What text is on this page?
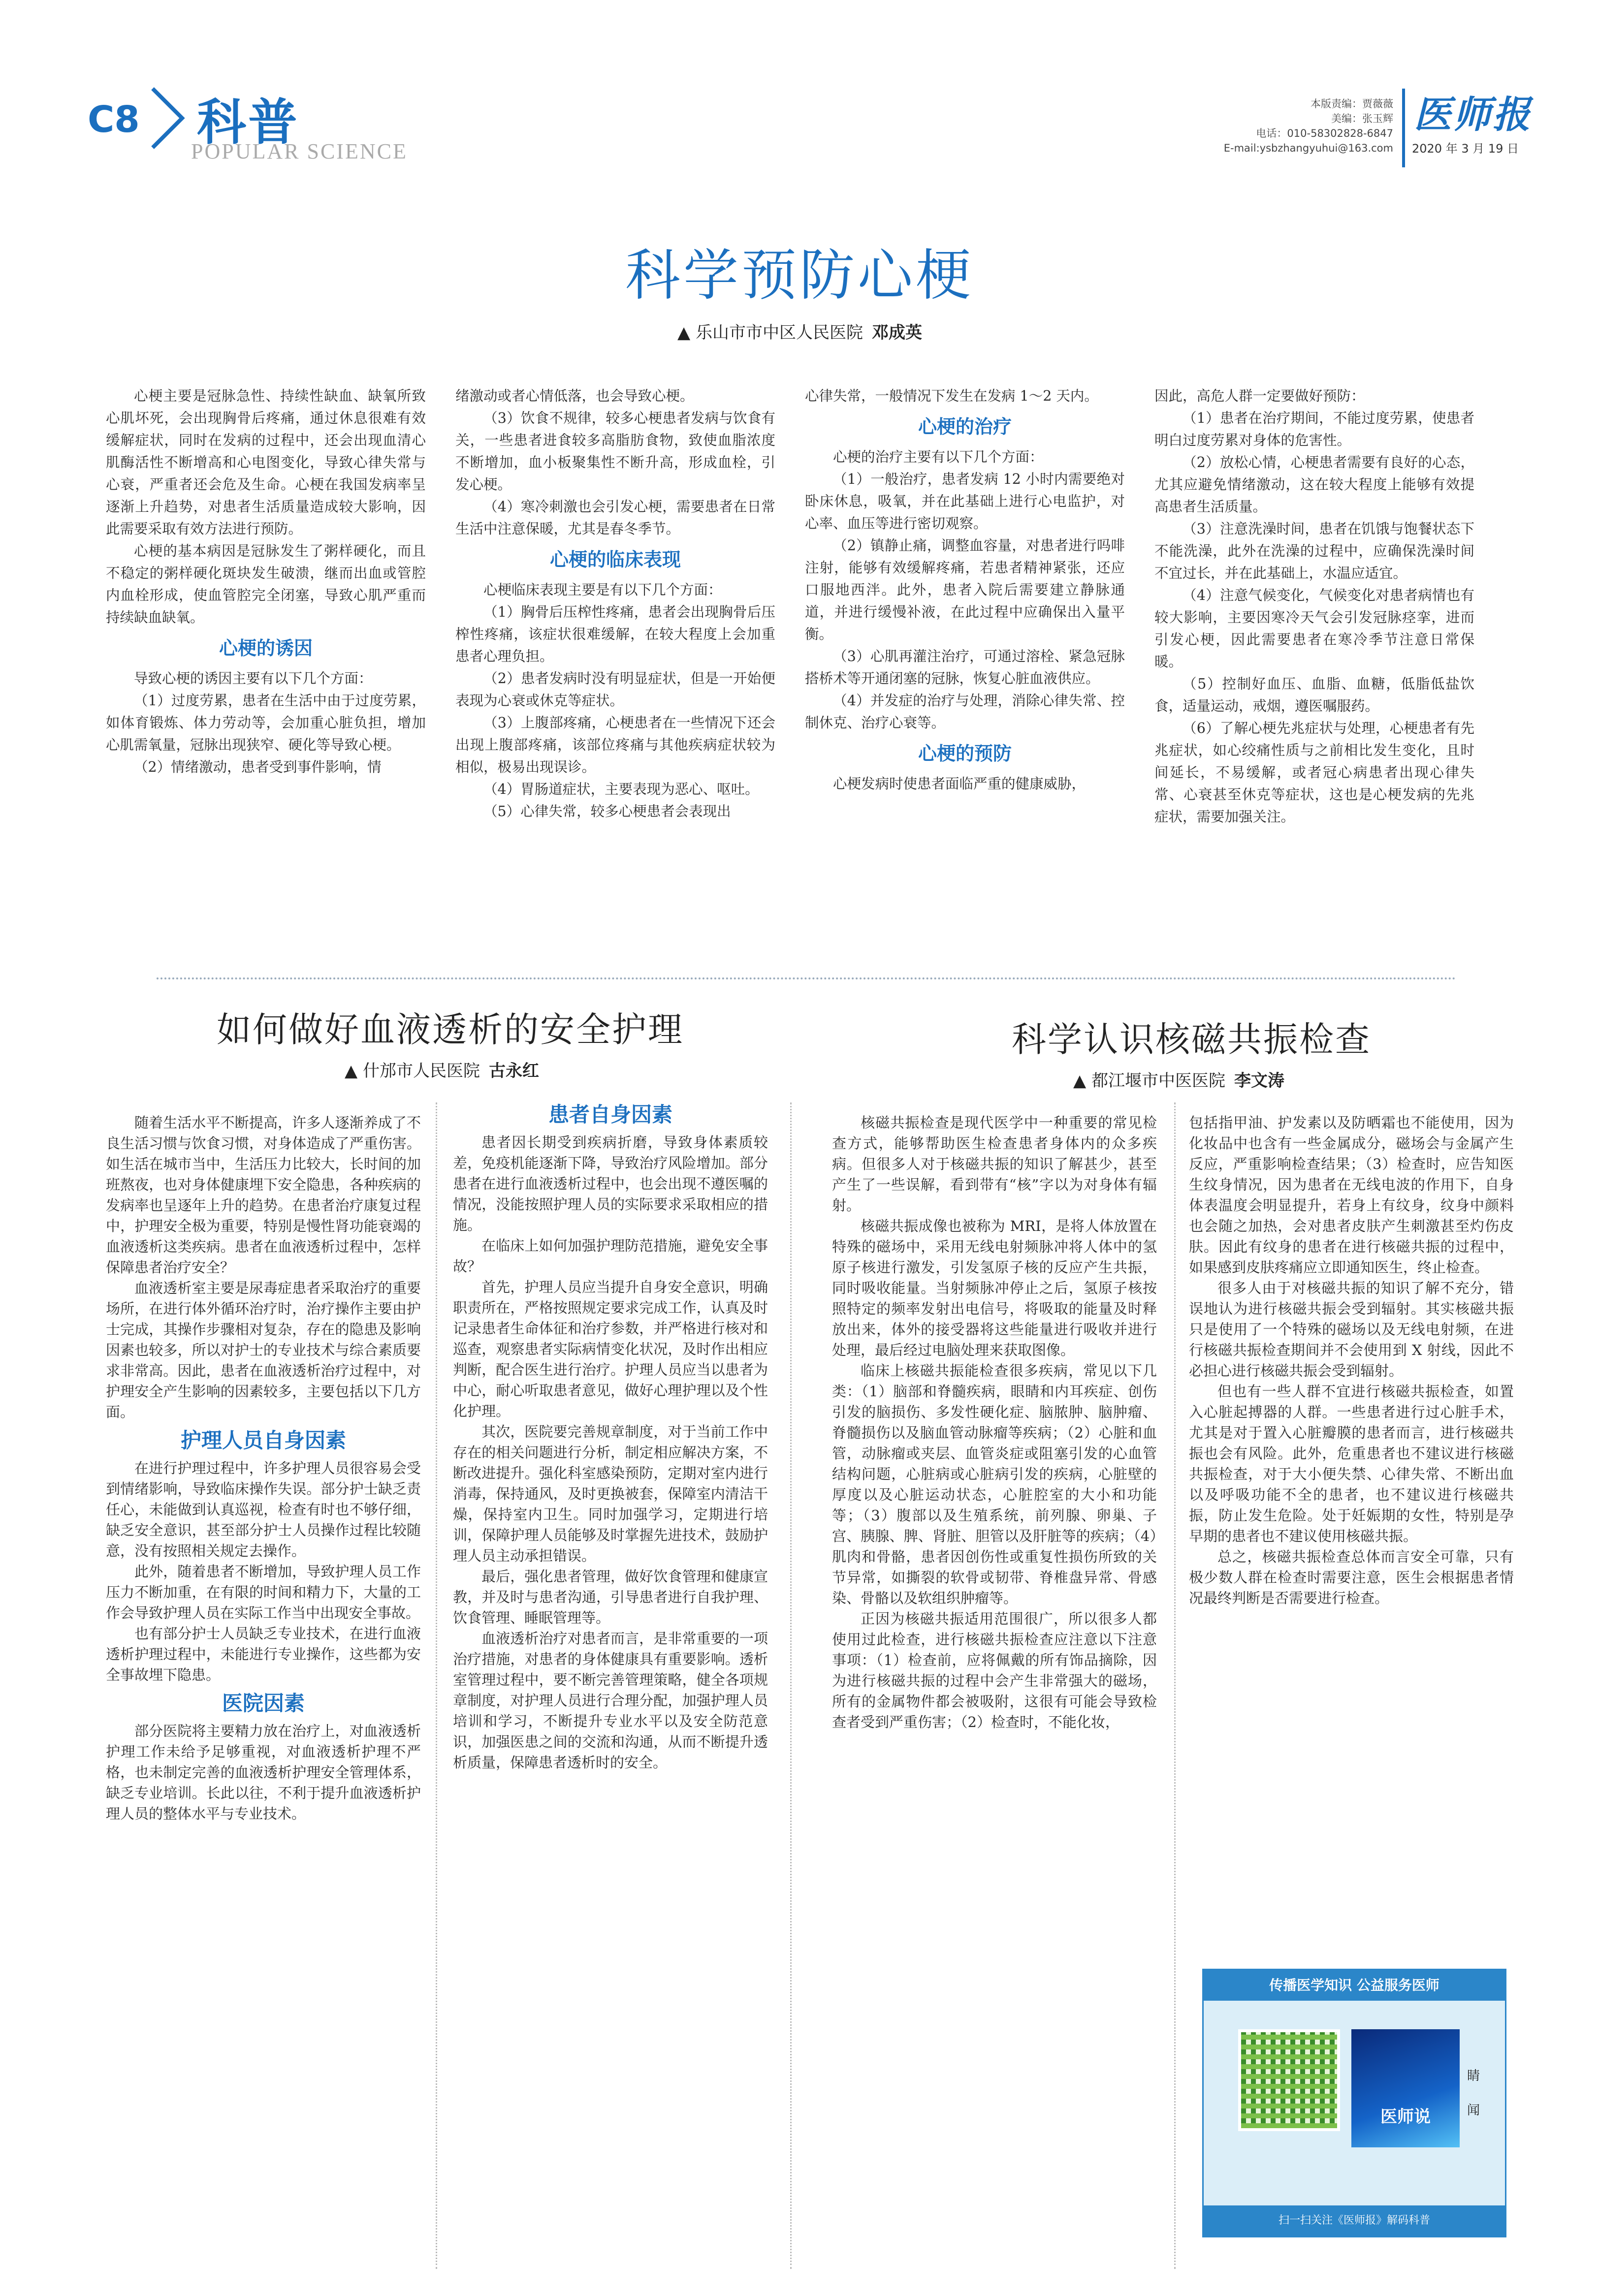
C8 科普
POPULAR SCIENCE
本版责编：贾薇薇
美编：张玉辉
电话：010-58302828-6847
E-mail:ysbzhangyuhui@163.com
医师报
2020 年 3 月 19 日
科学预防心梗
▲ 乐山市市中区人民医院 邓成英

心梗主要是冠脉急性、持续性缺血、缺氧所致心肌坏死，会出现胸骨后疼痛，通过休息很难有效缓解症状，同时在发病的过程中，还会出现血清心肌酶活性不断增高和心电图变化，导致心律失常与心衰，严重者还会危及生命。心梗在我国发病率呈逐渐上升趋势，对患者生活质量造成较大影响，因此需要采取有效方法进行预防。

心梗的基本病因是冠脉发生了粥样硬化，而且不稳定的粥样硬化斑块发生破溃，继而出血或管腔内血栓形成，使血管腔完全闭塞，导致心肌严重而持续缺血缺氧。

心梗的诱因

导致心梗的诱因主要有以下几个方面：

（1）过度劳累，患者在生活中由于过度劳累，如体育锻炼、体力劳动等，会加重心脏负担，增加心肌需氧量，冠脉出现狭窄、硬化等导致心梗。

（2）情绪激动，患者受到事件影响，情

绪激动或者心情低落，也会导致心梗。

（3）饮食不规律，较多心梗患者发病与饮食有关，一些患者进食较多高脂肪食物，致使血脂浓度不断增加，血小板聚集性不断升高，形成血栓，引发心梗。

（4）寒冷刺激也会引发心梗，需要患者在日常生活中注意保暖，尤其是春冬季节。

心梗的临床表现

心梗临床表现主要是有以下几个方面：

（1）胸骨后压榨性疼痛，患者会出现胸骨后压榨性疼痛，该症状很难缓解，在较大程度上会加重患者心理负担。

（2）患者发病时没有明显症状，但是一开始便表现为心衰或休克等症状。

（3）上腹部疼痛，心梗患者在一些情况下还会出现上腹部疼痛，该部位疼痛与其他疾病症状较为相似，极易出现误诊。

（4）胃肠道症状，主要表现为恶心、呕吐。

（5）心律失常，较多心梗患者会表现出

心律失常，一般情况下发生在发病 1～2 天内。

心梗的治疗

心梗的治疗主要有以下几个方面：

（1）一般治疗，患者发病 12 小时内需要绝对卧床休息，吸氧，并在此基础上进行心电监护，对心率、血压等进行密切观察。

（2）镇静止痛，调整血容量，对患者进行吗啡注射，能够有效缓解疼痛，若患者精神紧张，还应口服地西泮。此外，患者入院后需要建立静脉通道，并进行缓慢补液，在此过程中应确保出入量平衡。

（3）心肌再灌注治疗，可通过溶栓、紧急冠脉搭桥术等开通闭塞的冠脉，恢复心脏血液供应。

（4）并发症的治疗与处理，消除心律失常、控制休克、治疗心衰等。

心梗的预防

心梗发病时使患者面临严重的健康威胁，

因此，高危人群一定要做好预防：

（1）患者在治疗期间，不能过度劳累，使患者明白过度劳累对身体的危害性。

（2）放松心情，心梗患者需要有良好的心态，尤其应避免情绪激动，这在较大程度上能够有效提高患者生活质量。

（3）注意洗澡时间，患者在饥饿与饱餐状态下不能洗澡，此外在洗澡的过程中，应确保洗澡时间不宜过长，并在此基础上，水温应适宜。

（4）注意气候变化，气候变化对患者病情也有较大影响，主要因寒冷天气会引发冠脉痉挛，进而引发心梗，因此需要患者在寒冷季节注意日常保暖。

（5）控制好血压、血脂、血糖，低脂低盐饮食，适量运动，戒烟，遵医嘱服药。

（6）了解心梗先兆症状与处理，心梗患者有先兆症状，如心绞痛性质与之前相比发生变化，且时间延长，不易缓解，或者冠心病患者出现心律失常、心衰甚至休克等症状，这也是心梗发病的先兆症状，需要加强关注。

如何做好血液透析的安全护理
▲ 什邡市人民医院 古永红

随着生活水平不断提高，许多人逐渐养成了不良生活习惯与饮食习惯，对身体造成了严重伤害。如生活在城市当中，生活压力比较大，长时间的加班熬夜，也对身体健康埋下安全隐患，各种疾病的发病率也呈逐年上升的趋势。在患者治疗康复过程中，护理安全极为重要，特别是慢性肾功能衰竭的血液透析这类疾病。患者在血液透析过程中，怎样保障患者治疗安全？

血液透析室主要是尿毒症患者采取治疗的重要场所，在进行体外循环治疗时，治疗操作主要由护士完成，其操作步骤相对复杂，存在的隐患及影响因素也较多，所以对护士的专业技术与综合素质要求非常高。因此，患者在血液透析治疗过程中，对护理安全产生影响的因素较多，主要包括以下几方面。

护理人员自身因素

在进行护理过程中，许多护理人员很容易会受到情绪影响，导致临床操作失误。部分护士缺乏责任心，未能做到认真巡视，检查有时也不够仔细，缺乏安全意识，甚至部分护士人员操作过程比较随意，没有按照相关规定去操作。

此外，随着患者不断增加，导致护理人员工作压力不断加重，在有限的时间和精力下，大量的工作会导致护理人员在实际工作当中出现安全事故。

也有部分护士人员缺乏专业技术，在进行血液透析护理过程中，未能进行专业操作，这些都为安全事故埋下隐患。

医院因素

部分医院将主要精力放在治疗上，对血液透析护理工作未给予足够重视，对血液透析护理不严格，也未制定完善的血液透析护理安全管理体系，缺乏专业培训。长此以往，不利于提升血液透析护理人员的整体水平与专业技术。

患者自身因素

患者因长期受到疾病折磨，导致身体素质较差，免疫机能逐渐下降，导致治疗风险增加。部分患者在进行血液透析过程中，也会出现不遵医嘱的情况，没能按照护理人员的实际要求采取相应的措施。

在临床上如何加强护理防范措施，避免安全事故？

首先，护理人员应当提升自身安全意识，明确职责所在，严格按照规定要求完成工作，认真及时记录患者生命体征和治疗参数，并严格进行核对和巡查，观察患者实际病情变化状况，及时作出相应判断，配合医生进行治疗。护理人员应当以患者为中心，耐心听取患者意见，做好心理护理以及个性化护理。

其次，医院要完善规章制度，对于当前工作中存在的相关问题进行分析，制定相应解决方案，不断改进提升。强化科室感染预防，定期对室内进行消毒，保持通风，及时更换被套，保障室内清洁干燥，保持室内卫生。同时加强学习，定期进行培训，保障护理人员能够及时掌握先进技术，鼓励护理人员主动承担错误。

最后，强化患者管理，做好饮食管理和健康宣教，并及时与患者沟通，引导患者进行自我护理、饮食管理、睡眠管理等。

血液透析治疗对患者而言，是非常重要的一项治疗措施，对患者的身体健康具有重要影响。透析室管理过程中，要不断完善管理策略，健全各项规章制度，对护理人员进行合理分配，加强护理人员培训和学习，不断提升专业水平以及安全防范意识，加强医患之间的交流和沟通，从而不断提升透析质量，保障患者透析时的安全。

科学认识核磁共振检查
▲ 都江堰市中医医院 李文涛

核磁共振检查是现代医学中一种重要的常见检查方式，能够帮助医生检查患者身体内的众多疾病。但很多人对于核磁共振的知识了解甚少，甚至产生了一些误解，看到带有“核”字以为对身体有辐射。

核磁共振成像也被称为 MRI，是将人体放置在特殊的磁场中，采用无线电射频脉冲将人体中的氢原子核进行激发，引发氢原子核的反应产生共振，同时吸收能量。当射频脉冲停止之后，氢原子核按照特定的频率发射出电信号，将吸取的能量及时释放出来，体外的接受器将这些能量进行吸收并进行处理，最后经过电脑处理来获取图像。

临床上核磁共振能检查很多疾病，常见以下几类：（1）脑部和脊髓疾病，眼睛和内耳疾症、创伤引发的脑损伤、多发性硬化症、脑脓肿、脑肿瘤、脊髓损伤以及脑血管动脉瘤等疾病；（2）心脏和血管，动脉瘤或夹层、血管炎症或阻塞引发的心血管结构问题，心脏病或心脏病引发的疾病，心脏壁的厚度以及心脏运动状态，心脏腔室的大小和功能等；（3）腹部以及生殖系统，前列腺、卵巢、子宫、胰腺、脾、肾脏、胆管以及肝脏等的疾病；（4）肌肉和骨骼，患者因创伤性或重复性损伤所致的关节异常，如撕裂的软骨或韧带、脊椎盘异常、骨感染、骨骼以及软组织肿瘤等。

正因为核磁共振适用范围很广，所以很多人都使用过此检查，进行核磁共振检查应注意以下注意事项：（1）检查前，应将佩戴的所有饰品摘除，因为进行核磁共振的过程中会产生非常强大的磁场，所有的金属物件都会被吸附，这很有可能会导致检查者受到严重伤害；（2）检查时，不能化妆，

包括指甲油、护发素以及防晒霜也不能使用，因为化妆品中也含有一些金属成分，磁场会与金属产生反应，严重影响检查结果；（3）检查时，应告知医生纹身情况，因为患者在无线电波的作用下，自身体表温度会明显提升，若身上有纹身，纹身中颜料也会随之加热，会对患者皮肤产生刺激甚至灼伤皮肤。因此有纹身的患者在进行核磁共振的过程中，如果感到皮肤疼痛应立即通知医生，终止检查。

很多人由于对核磁共振的知识了解不充分，错误地认为进行核磁共振会受到辐射。其实核磁共振只是使用了一个特殊的磁场以及无线电射频，在进行核磁共振检查期间并不会使用到 X 射线，因此不必担心进行核磁共振会受到辐射。

但也有一些人群不宜进行核磁共振检查，如置入心脏起搏器的人群。一些患者进行过心脏手术，尤其是对于置入心脏瓣膜的患者而言，进行核磁共振也会有风险。此外，危重患者也不建议进行核磁共振检查，对于大小便失禁、心律失常、不断出血以及呼吸功能不全的患者，也不建议进行核磁共振，防止发生危险。处于妊娠期的女性，特别是孕早期的患者也不建议使用核磁共振。

总之，核磁共振检查总体而言安全可靠，只有极少数人群在检查时需要注意，医生会根据患者情况最终判断是否需要进行检查。

传播医学知识 公益服务医师
医师说
睛 闻
扫一扫关注《医师报》解码科普
